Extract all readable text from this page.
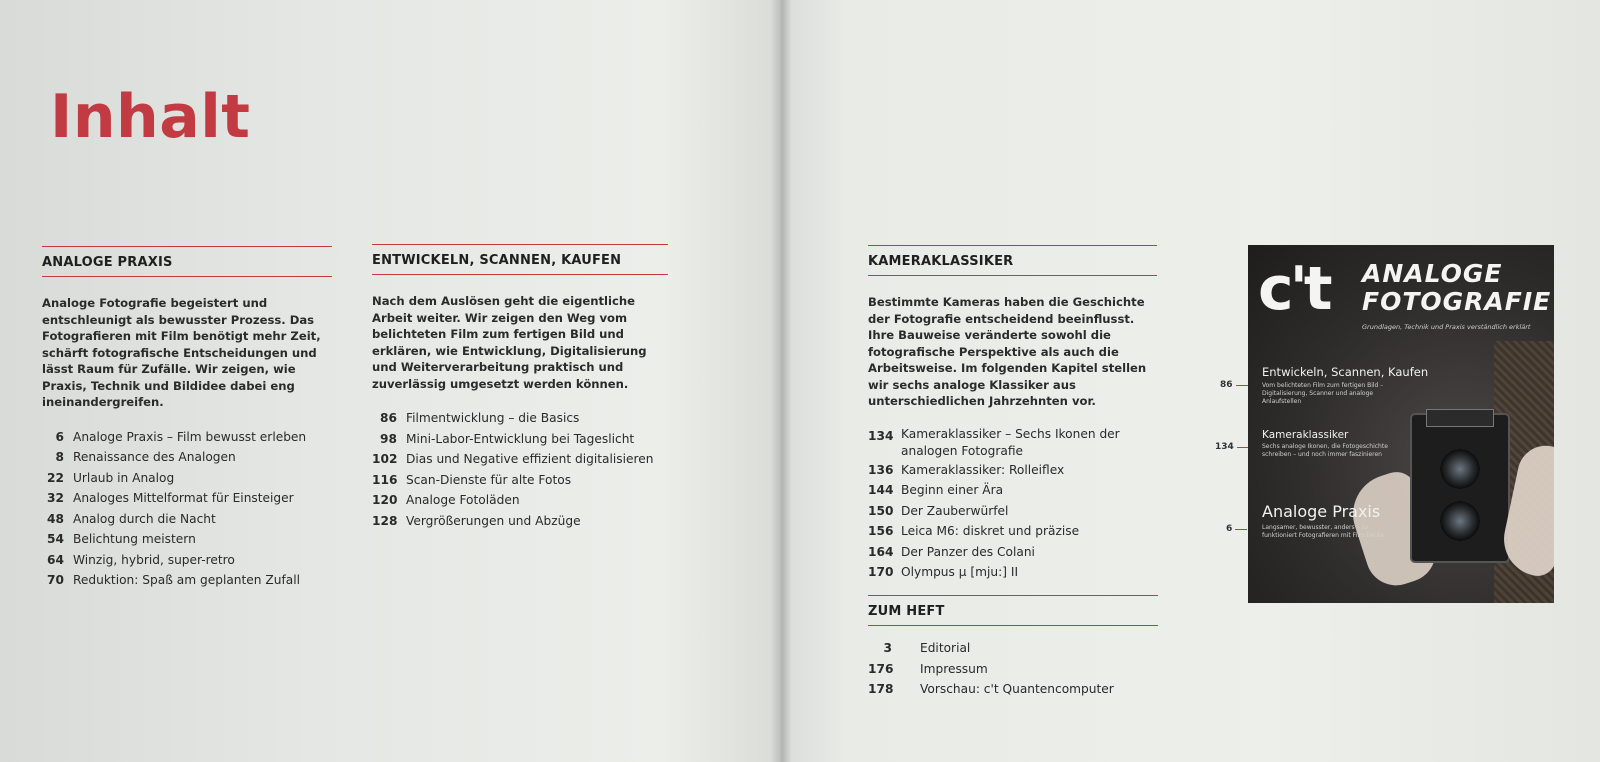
Inhalt
ANALOGE PRAXIS

Analoge Fotografie begeistert und entschleunigt als bewusster Prozess. Das Fotografieren mit Film benötigt mehr Zeit, schärft fotografische Entscheidungen und lässt Raum für Zufälle. Wir zeigen, wie Praxis, Technik und Bildidee dabei eng ineinandergreifen.

6 Analoge Praxis – Film bewusst erleben
8 Renaissance des Analogen
22 Urlaub in Analog
32 Analoges Mittelformat für Einsteiger
48 Analog durch die Nacht
54 Belichtung meistern
64 Winzig, hybrid, super-retro
70 Reduktion: Spaß am geplanten Zufall
ENTWICKELN, SCANNEN, KAUFEN

Nach dem Auslösen geht die eigentliche Arbeit weiter. Wir zeigen den Weg vom belichteten Film zum fertigen Bild und erklären, wie Entwicklung, Digitalisierung und Weiterverarbeitung praktisch und zuverlässig umgesetzt werden können.

86 Filmentwicklung – die Basics
98 Mini-Labor-Entwicklung bei Tageslicht
102 Dias und Negative effizient digitalisieren
116 Scan-Dienste für alte Fotos
120 Analoge Fotoläden
128 Vergrößerungen und Abzüge
KAMERAKLASSIKER

Bestimmte Kameras haben die Geschichte der Fotografie entscheidend beeinflusst. Ihre Bauweise veränderte sowohl die fotografische Perspektive als auch die Arbeitsweise. Im folgenden Kapitel stellen wir sechs analoge Klassiker aus unterschiedlichen Jahrzehnten vor.

134 Kameraklassiker – Sechs Ikonen der
analogen Fotografie
136 Kameraklassiker: Rolleiflex
144 Beginn einer Ära
150 Der Zauberwürfel
156 Leica M6: diskret und präzise
164 Der Panzer des Colani
170 Olympus μ [mju:] II
ZUM HEFT
3	Editorial
176	Impressum
178	Vorschau: c't Quantencomputer
86
134
6
c't ANALOGE
FOTOGRAFIE
Grundlagen, Technik und Praxis verständlich erklärt
Entwickeln, Scannen, Kaufen
Vom belichteten Film zum fertigen Bild – Digitalisierung, Scanner und analoge Anlaufstellen
Kameraklassiker
Sechs analoge Ikonen, die Fotogeschichte schreiben – und noch immer faszinieren
Analoge Praxis
Langsamer, bewusster, anders – so funktioniert Fotografieren mit Film heute
